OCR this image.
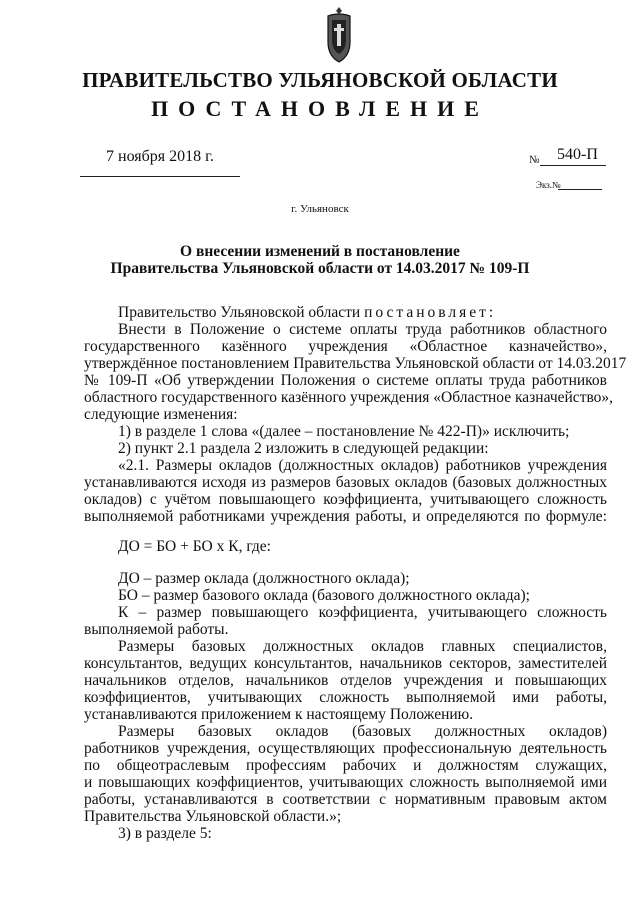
ПРАВИТЕЛЬСТВО УЛЬЯНОВСКОЙ ОБЛАСТИ
ПОСТАНОВЛЕНИЕ
7 ноября 2018 г.	№ 540-П
Экз.№
г. Ульяновск
О внесении изменений в постановление
Правительства Ульяновской области от 14.03.2017 № 109-П
Правительство Ульяновской области постановляет:
Внести в Положение о системе оплаты труда работников областного
государственного казённого учреждения «Областное казначейство»,
утверждённое постановлением Правительства Ульяновской области от 14.03.2017
№ 109-П «Об утверждении Положения о системе оплаты труда работников
областного государственного казённого учреждения «Областное казначейство»,
следующие изменения:
1) в разделе 1 слова «(далее – постановление № 422-П)» исключить;
2) пункт 2.1 раздела 2 изложить в следующей редакции:
«2.1. Размеры окладов (должностных окладов) работников учреждения
устанавливаются исходя из размеров базовых окладов (базовых должностных
окладов) с учётом повышающего коэффициента, учитывающего сложность
выполняемой работниками учреждения работы, и определяются по формуле:
ДО = БО + БО х К, где:
ДО – размер оклада (должностного оклада);
БО – размер базового оклада (базового должностного оклада);
К – размер повышающего коэффициента, учитывающего сложность
выполняемой работы.
Размеры базовых должностных окладов главных специалистов,
консультантов, ведущих консультантов, начальников секторов, заместителей
начальников отделов, начальников отделов учреждения и повышающих
коэффициентов, учитывающих сложность выполняемой ими работы,
устанавливаются приложением к настоящему Положению.
Размеры базовых окладов (базовых должностных окладов)
работников учреждения, осуществляющих профессиональную деятельность
по общеотраслевым профессиям рабочих и должностям служащих,
и повышающих коэффициентов, учитывающих сложность выполняемой ими
работы, устанавливаются в соответствии с нормативным правовым актом
Правительства Ульяновской области.»;
3) в разделе 5:
